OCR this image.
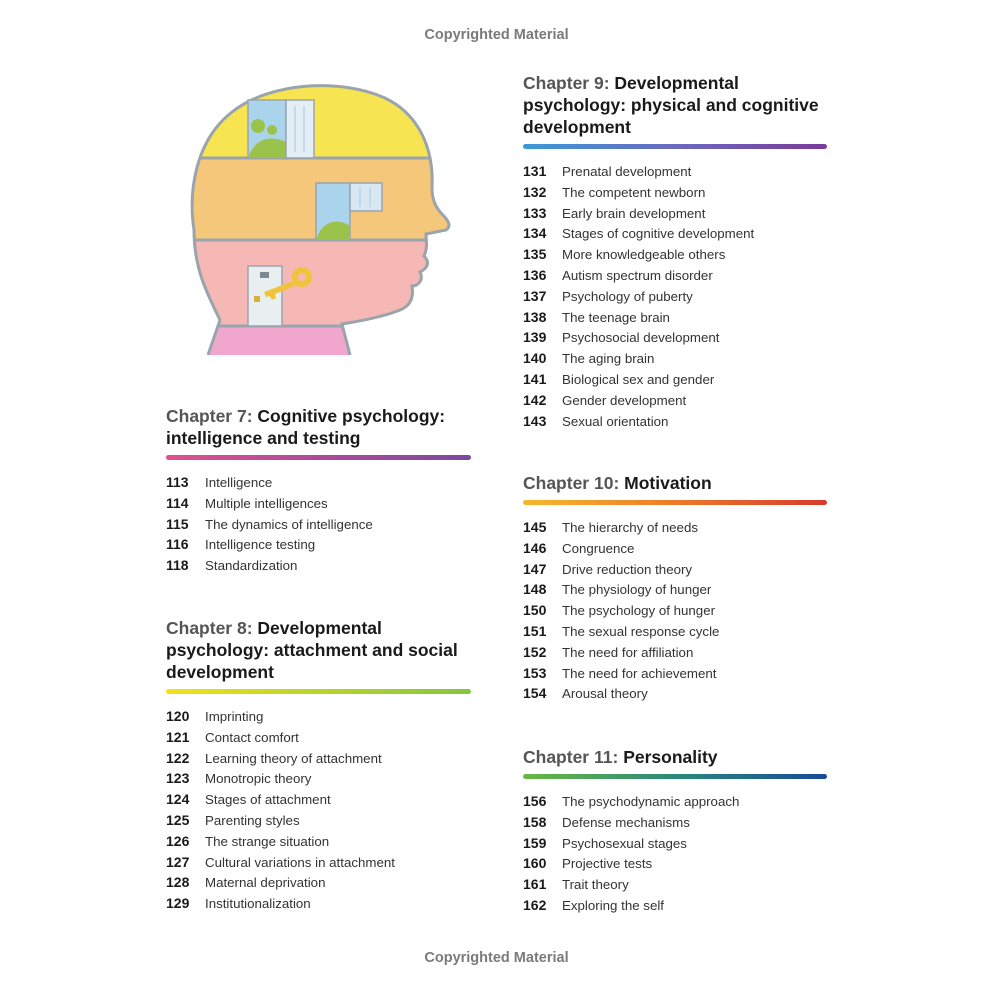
Copyrighted Material
Chapter 7: Cognitive psychology: intelligence and testing
113	Intelligence
114	Multiple intelligences
115	The dynamics of intelligence
116	Intelligence testing
118	Standardization
Chapter 8: Developmental psychology: attachment and social development
120	Imprinting
121	Contact comfort
122	Learning theory of attachment
123	Monotropic theory
124	Stages of attachment
125	Parenting styles
126	The strange situation
127	Cultural variations in attachment
128	Maternal deprivation
129	Institutionalization
Chapter 9: Developmental psychology: physical and cognitive development
131	Prenatal development
132	The competent newborn
133	Early brain development
134	Stages of cognitive development
135	More knowledgeable others
136	Autism spectrum disorder
137	Psychology of puberty
138	The teenage brain
139	Psychosocial development
140	The aging brain
141	Biological sex and gender
142	Gender development
143	Sexual orientation
Chapter 10: Motivation
145	The hierarchy of needs
146	Congruence
147	Drive reduction theory
148	The physiology of hunger
150	The psychology of hunger
151	The sexual response cycle
152	The need for affiliation
153	The need for achievement
154	Arousal theory
Chapter 11: Personality
156	The psychodynamic approach
158	Defense mechanisms
159	Psychosexual stages
160	Projective tests
161	Trait theory
162	Exploring the self
Copyrighted Material
